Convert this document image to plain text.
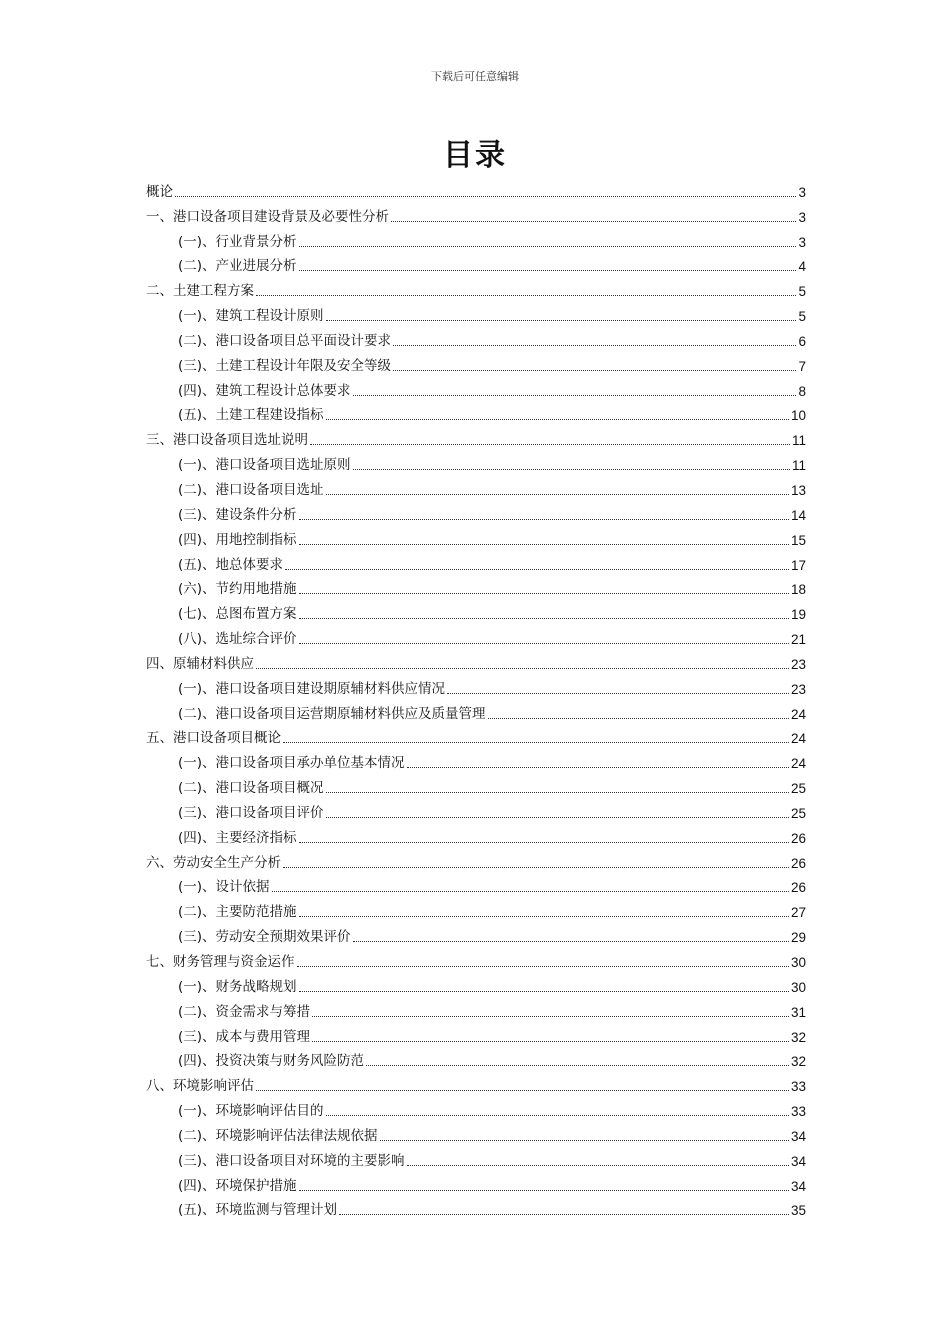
下载后可任意编辑
目录
概论	3
一、港口设备项目建设背景及必要性分析	3
(一)、行业背景分析	3
(二)、产业进展分析	4
二、土建工程方案	5
(一)、建筑工程设计原则	5
(二)、港口设备项目总平面设计要求	6
(三)、土建工程设计年限及安全等级	7
(四)、建筑工程设计总体要求	8
(五)、土建工程建设指标	10
三、港口设备项目选址说明	11
(一)、港口设备项目选址原则	11
(二)、港口设备项目选址	13
(三)、建设条件分析	14
(四)、用地控制指标	15
(五)、地总体要求	17
(六)、节约用地措施	18
(七)、总图布置方案	19
(八)、选址综合评价	21
四、原辅材料供应	23
(一)、港口设备项目建设期原辅材料供应情况	23
(二)、港口设备项目运营期原辅材料供应及质量管理	24
五、港口设备项目概论	24
(一)、港口设备项目承办单位基本情况	24
(二)、港口设备项目概况	25
(三)、港口设备项目评价	25
(四)、主要经济指标	26
六、劳动安全生产分析	26
(一)、设计依据	26
(二)、主要防范措施	27
(三)、劳动安全预期效果评价	29
七、财务管理与资金运作	30
(一)、财务战略规划	30
(二)、资金需求与筹措	31
(三)、成本与费用管理	32
(四)、投资决策与财务风险防范	32
八、环境影响评估	33
(一)、环境影响评估目的	33
(二)、环境影响评估法律法规依据	34
(三)、港口设备项目对环境的主要影响	34
(四)、环境保护措施	34
(五)、环境监测与管理计划	35
